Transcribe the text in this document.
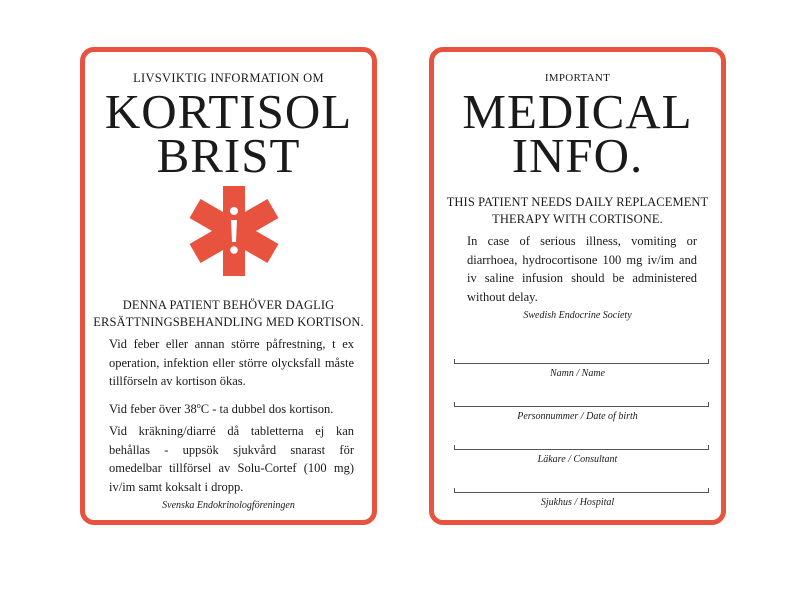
LIVSVIKTIG INFORMATION OM
KORTISOL
BRIST
DENNA PATIENT BEHÖVER DAGLIG
ERSÄTTNINGSBEHANDLING MED KORTISON.
Vid feber eller annan större påfrestning, t ex operation, infektion eller större olycksfall måste tillförseln av kortison ökas.
Vid feber över 38$^o$C - ta dubbel dos kortison.
Vid kräkning/diarré då tabletterna ej kan behållas - uppsök sjukvård snarast för omedelbar tillförsel av Solu-Cortef (100 mg) iv/im samt koksalt i dropp.
Svenska Endokrinologföreningen
IMPORTANT
MEDICAL
INFO.
THIS PATIENT NEEDS DAILY REPLACEMENT
THERAPY WITH CORTISONE.
In case of serious illness, vomiting or diarrhoea, hydrocortisone 100 mg iv/im and iv saline infusion should be administered without delay.
Swedish Endocrine Society
Namn / Name
Personnummer / Date of birth
Läkare / Consultant
Sjukhus / Hospital
